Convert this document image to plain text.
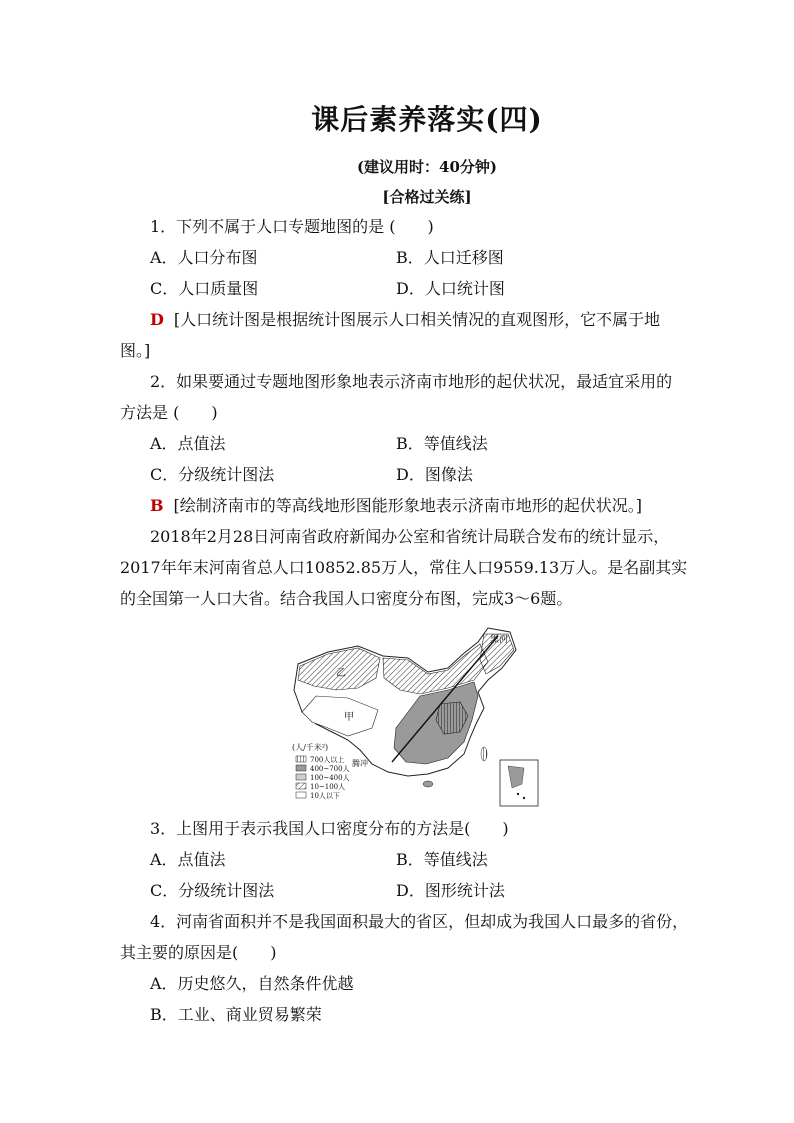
课后素养落实(四)
(建议用时：40分钟)
[合格过关练]
1．下列不属于人口专题地图的是 (　　)
A．人口分布图	B．人口迁移图
C．人口质量图	D．人口统计图
D [人口统计图是根据统计图展示人口相关情况的直观图形，它不属于地
图。]
2．如果要通过专题地图形象地表示济南市地形的起伏状况，最适宜采用的
方法是 (　　)
A．点值法	B．等值线法
C．分级统计图法	D．图像法
B [绘制济南市的等高线地形图能形象地表示济南市地形的起伏状况。]
2018年2月28日河南省政府新闻办公室和省统计局联合发布的统计显示，
2017年年末河南省总人口10852.85万人，常住人口9559.13万人。是名副其实
的全国第一人口大省。结合我国人口密度分布图，完成3～6题。
黑河
乙
甲
腾冲
(人/千米²)
700人以上
400~700人
100~400人
10~100人
10人以下
3．上图用于表示我国人口密度分布的方法是(　　)
A．点值法	B．等值线法
C．分级统计图法	D．图形统计法
4．河南省面积并不是我国面积最大的省区，但却成为我国人口最多的省份，
其主要的原因是(　　)
A．历史悠久，自然条件优越
B．工业、商业贸易繁荣
